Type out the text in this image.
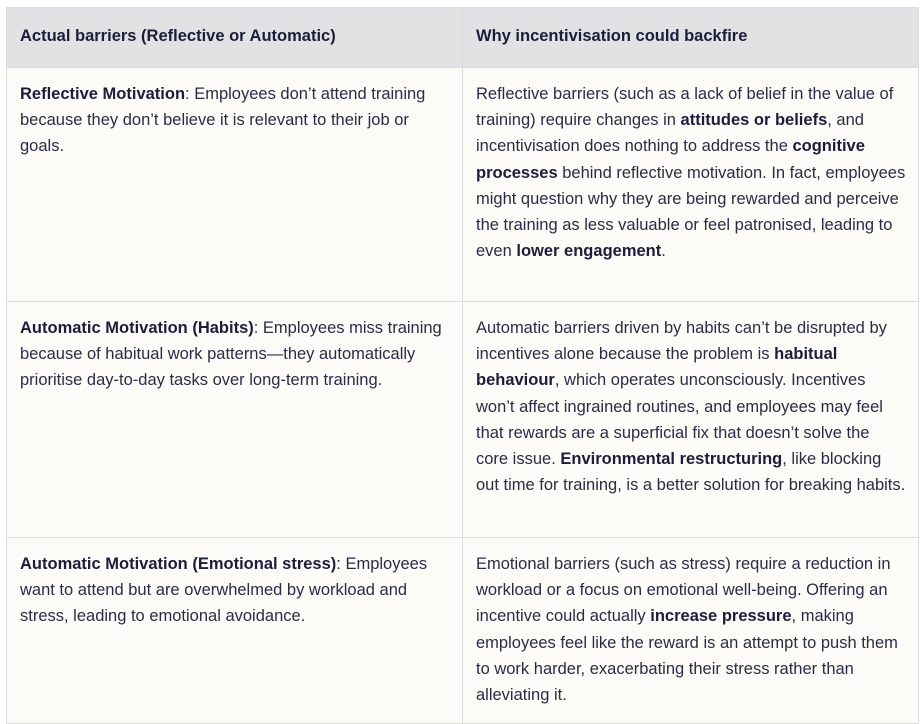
Actual barriers (Reflective or Automatic)	Why incentivisation could backfire
Reflective Motivation: Employees don’t attend training because they don’t believe it is relevant to their job or goals.	Reflective barriers (such as a lack of belief in the value of training) require changes in attitudes or beliefs, and incentivisation does nothing to address the cognitive processes behind reflective motivation. In fact, employees might question why they are being rewarded and perceive the training as less valuable or feel patronised, leading to even lower engagement.
Automatic Motivation (Habits): Employees miss training because of habitual work patterns—they automatically prioritise day-to-day tasks over long-term training.	Automatic barriers driven by habits can’t be disrupted by incentives alone because the problem is habitual behaviour, which operates unconsciously. Incentives won’t affect ingrained routines, and employees may feel that rewards are a superficial fix that doesn’t solve the core issue. Environmental restructuring, like blocking out time for training, is a better solution for breaking habits.
Automatic Motivation (Emotional stress): Employees want to attend but are overwhelmed by workload and stress, leading to emotional avoidance.	Emotional barriers (such as stress) require a reduction in workload or a focus on emotional well-being. Offering an incentive could actually increase pressure, making employees feel like the reward is an attempt to push them to work harder, exacerbating their stress rather than alleviating it.
